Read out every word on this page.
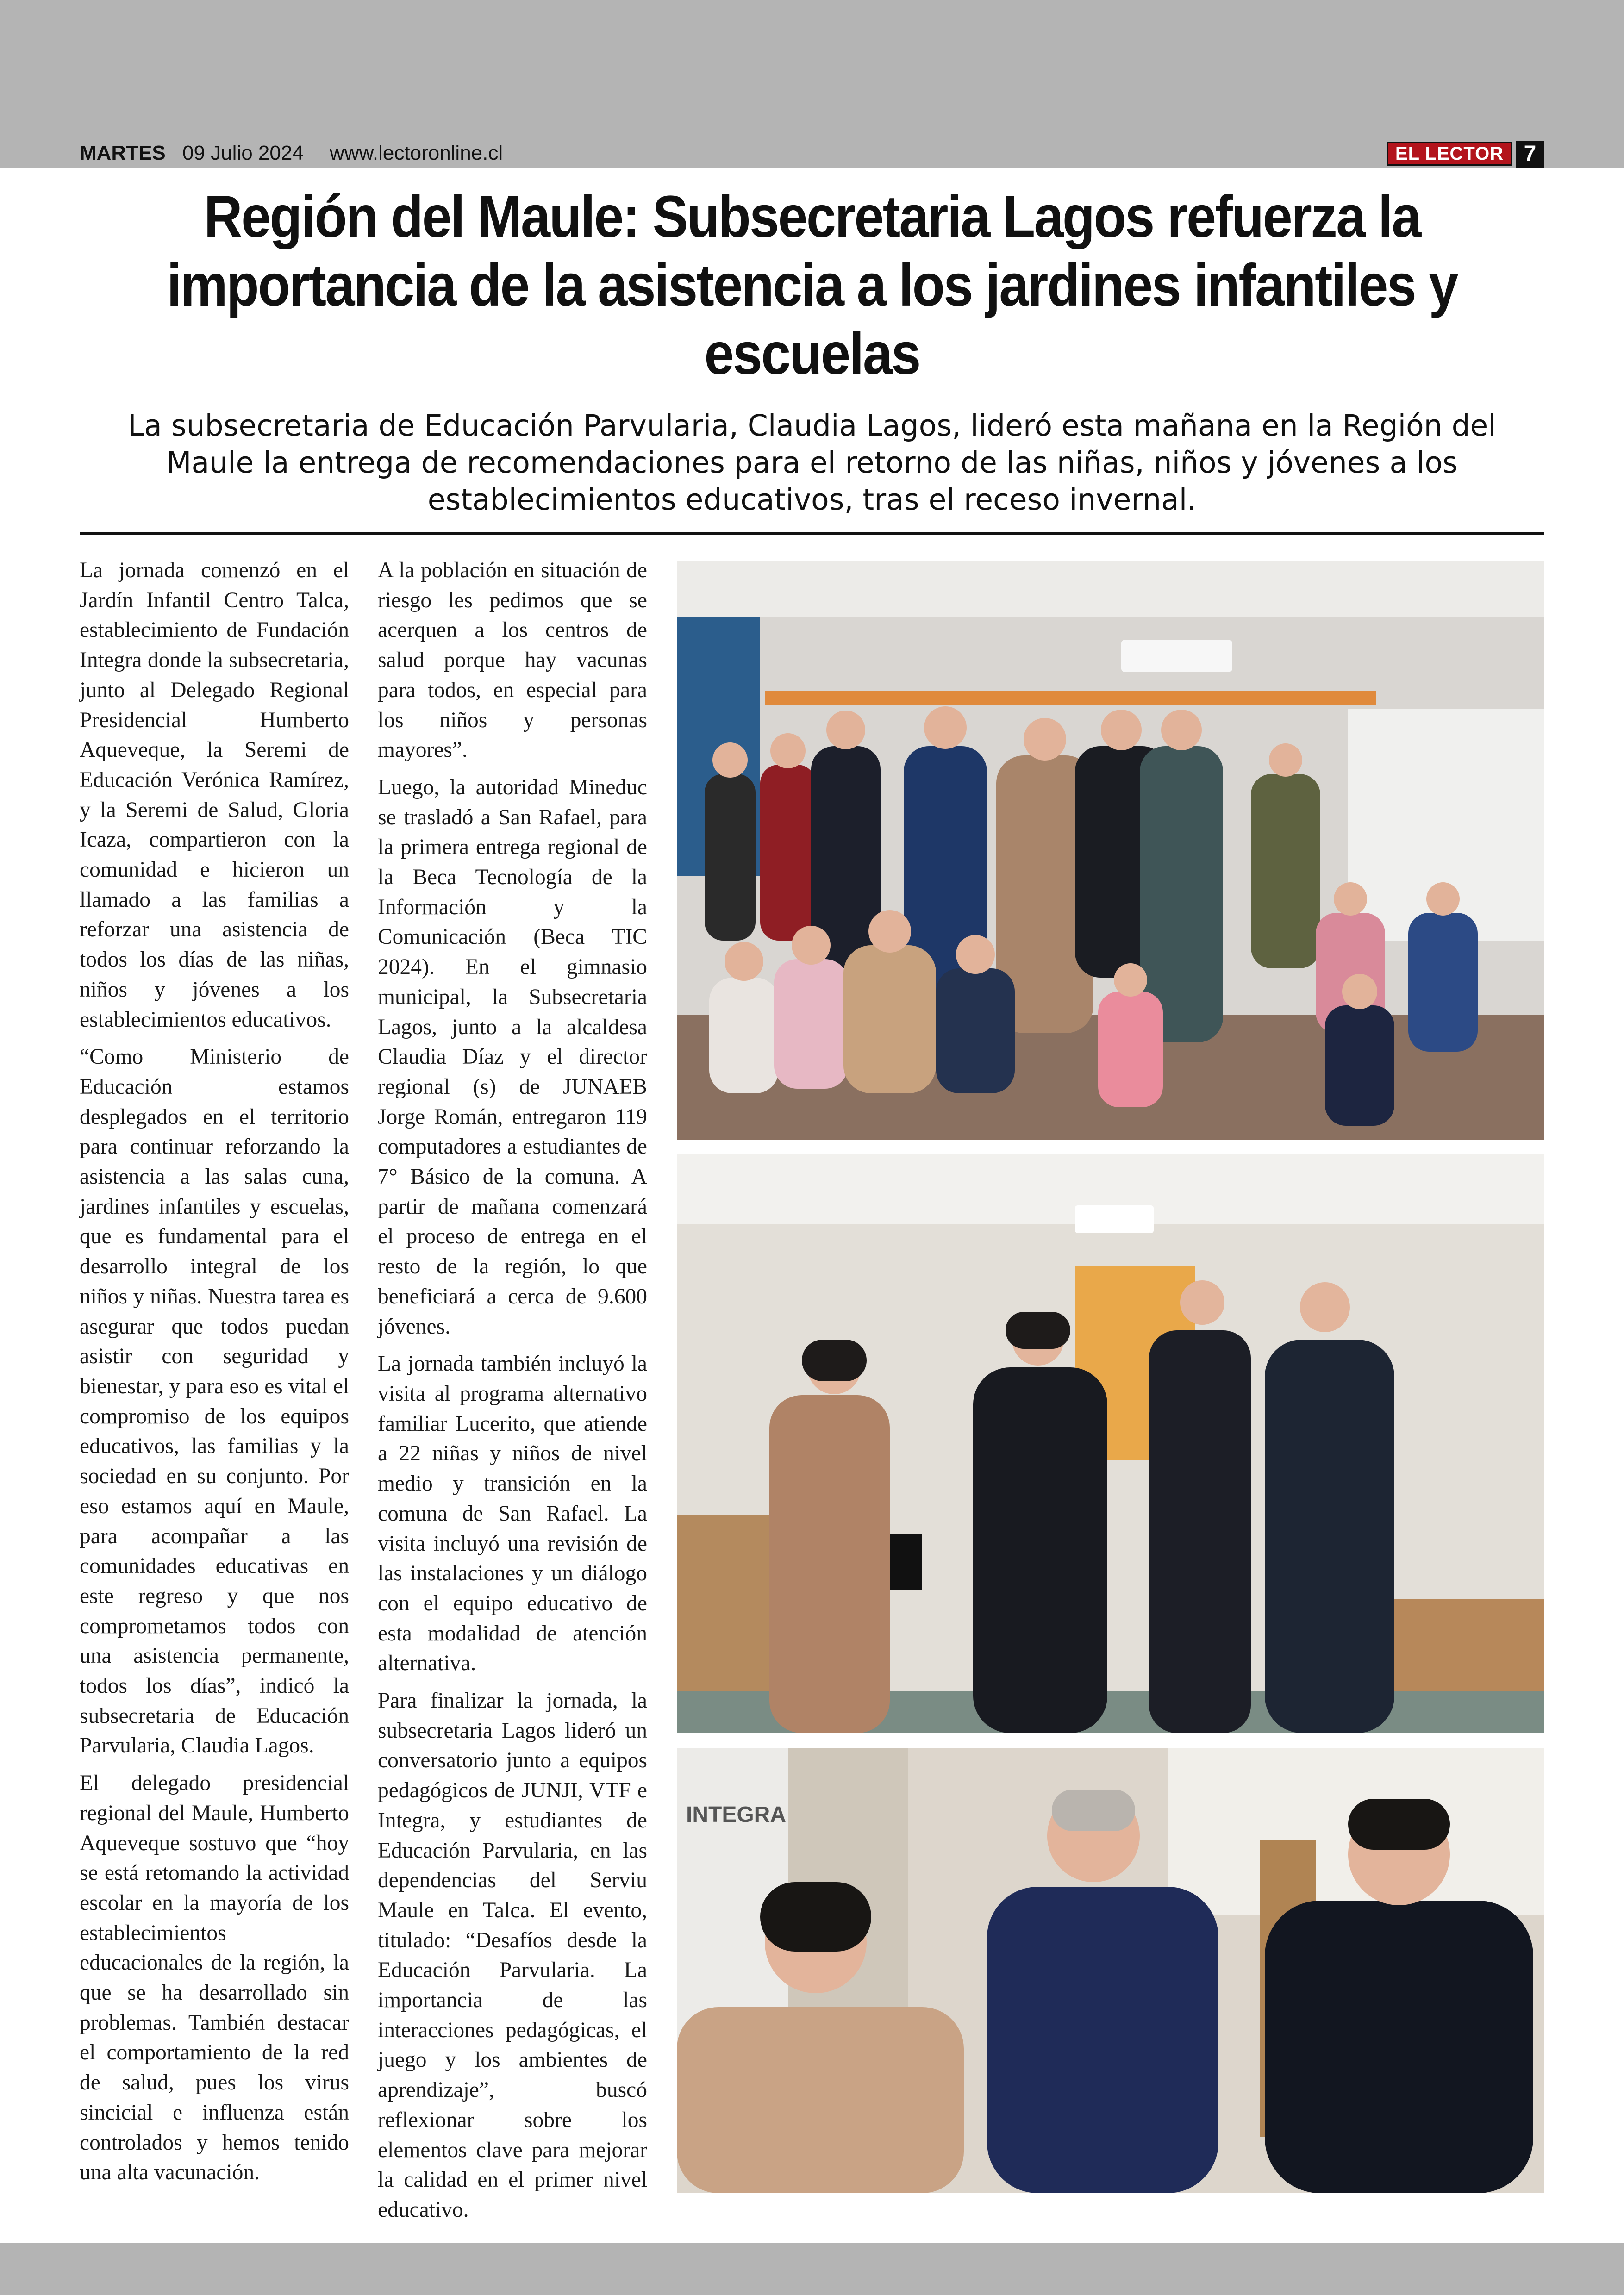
MARTES 09 Julio 2024 www.lectoronline.cl	EL LECTOR 7
Región del Maule: Subsecretaria Lagos refuerza la importancia de la asistencia a los jardines infantiles y escuelas

La subsecretaria de Educación Parvularia, Claudia Lagos, lideró esta mañana en la Región del Maule la entrega de recomendaciones para el retorno de las niñas, niños y jóvenes a los establecimientos educativos, tras el receso invernal.

La jornada comenzó en el Jardín Infantil Centro Talca, establecimiento de Fundación Integra donde la subsecretaria, junto al Delegado Regional Presidencial Humberto Aqueveque, la Seremi de Educación Verónica Ramírez, y la Seremi de Salud, Gloria Icaza, compartieron con la comunidad e hicieron un llamado a las familias a reforzar una asistencia de todos los días de las niñas, niños y jóvenes a los establecimientos educativos.

“Como Ministerio de Educación estamos desplegados en el territorio para continuar reforzando la asistencia a las salas cuna, jardines infantiles y escuelas, que es fundamental para el desarrollo integral de los niños y niñas. Nuestra tarea es asegurar que todos puedan asistir con seguridad y bienestar, y para eso es vital el compromiso de los equipos educativos, las familias y la sociedad en su conjunto. Por eso estamos aquí en Maule, para acompañar a las comunidades educativas en este regreso y que nos comprometamos todos con una asistencia permanente, todos los días”, indicó la subsecretaria de Educación Parvularia, Claudia Lagos.

El delegado presidencial regional del Maule, Humberto Aqueveque sostuvo que “hoy se está retomando la actividad escolar en la mayoría de los establecimientos educacionales de la región, la que se ha desarrollado sin problemas. También destacar el comportamiento de la red de salud, pues los virus sincicial e influenza están controlados y hemos tenido una alta vacunación.

A la población en situación de riesgo les pedimos que se acerquen a los centros de salud porque hay vacunas para todos, en especial para los niños y personas mayores”.

Luego, la autoridad Mineduc se trasladó a San Rafael, para la primera entrega regional de la Beca Tecnología de la Información y la Comunicación (Beca TIC 2024). En el gimnasio municipal, la Subsecretaria Lagos, junto a la alcaldesa Claudia Díaz y el director regional (s) de JUNAEB Jorge Román, entregaron 119 computadores a estudiantes de 7° Básico de la comuna. A partir de mañana comenzará el proceso de entrega en el resto de la región, lo que beneficiará a cerca de 9.600 jóvenes.

La jornada también incluyó la visita al programa alternativo familiar Lucerito, que atiende a 22 niñas y niños de nivel medio y transición en la comuna de San Rafael. La visita incluyó una revisión de las instalaciones y un diálogo con el equipo educativo de esta modalidad de atención alternativa.

Para finalizar la jornada, la subsecretaria Lagos lideró un conversatorio junto a equipos pedagógicos de JUNJI, VTF e Integra, y estudiantes de Educación Parvularia, en las dependencias del Serviu Maule en Talca. El evento, titulado: “Desafíos desde la Educación Parvularia. La importancia de las interacciones pedagógicas, el juego y los ambientes de aprendizaje”, buscó reflexionar sobre los elementos clave para mejorar la calidad en el primer nivel educativo.

INTEGRA
